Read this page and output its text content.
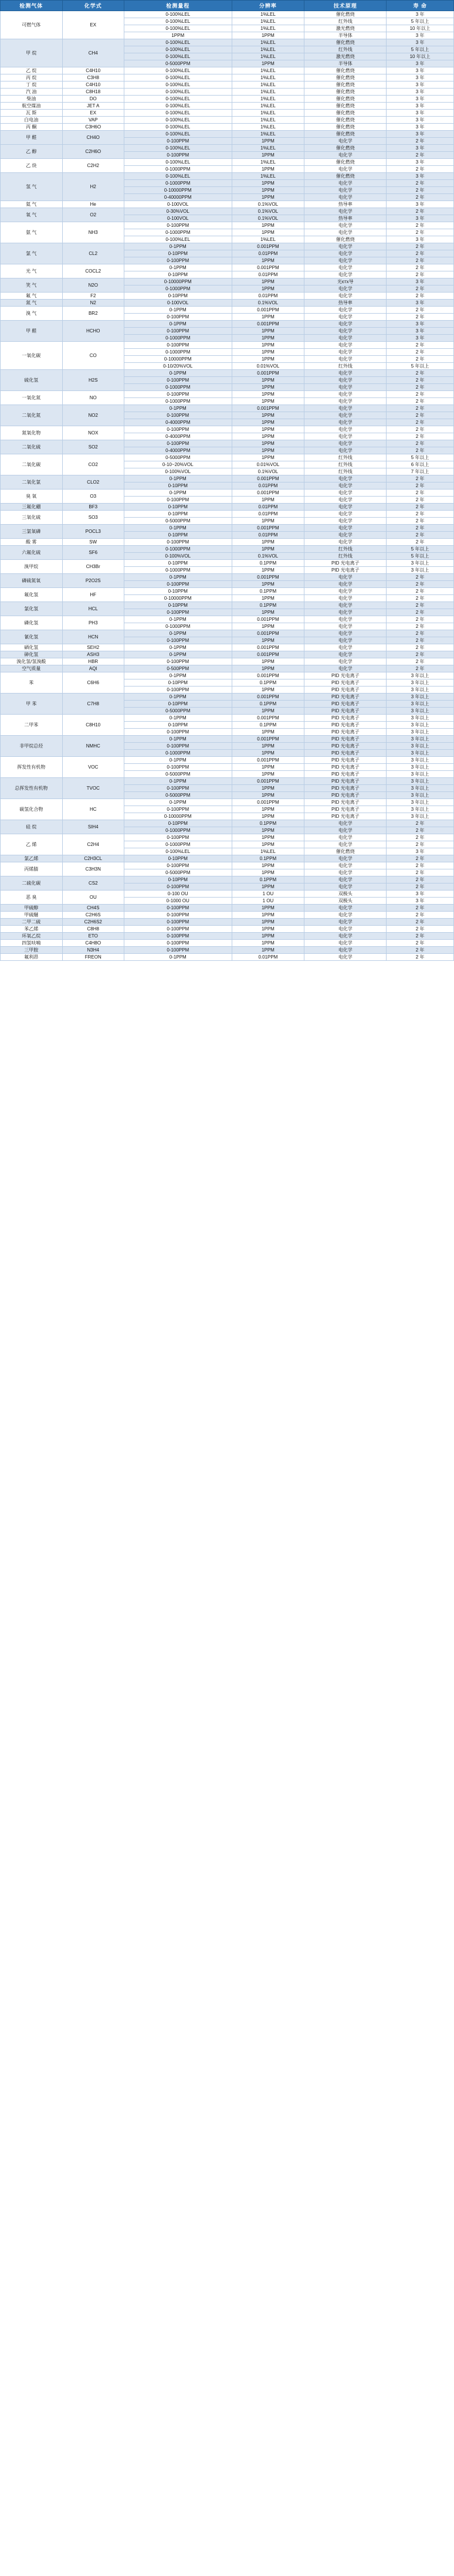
检测气体	化学式	检测量程	分辨率	技术原理	寿 命
可燃气体	EX	0-100%LEL	1%LEL	催化燃烧	3 年
		0-100%LEL	1%LEL	红外线	5 年以上
		0-100%LEL	1%LEL	激光燃烧	10 年以上
		1PPM	1PPM	半导体	3 年
甲 烷	CH4	0-100%LEL	1%LEL	催化燃烧	3 年
		0-100%LEL	1%LEL	红外线	5 年以上
		0-100%LEL	1%LEL	激光燃烧	10 年以上
		0-5000PPM	1PPM	半导体	3 年
乙 烷	C4H10	0-100%LEL	1%LEL	催化燃烧	3 年
丙 烷	C3H8	0-100%LEL	1%LEL	催化燃烧	3 年
丁 烷	C4H10	0-100%LEL	1%LEL	催化燃烧	3 年
汽 油	C8H18	0-100%LEL	1%LEL	催化燃烧	3 年
柴油	DO	0-100%LEL	1%LEL	催化燃烧	3 年
航空煤油	JET A	0-100%LEL	1%LEL	催化燃烧	3 年
瓦 斯	EX	0-100%LEL	1%LEL	催化燃烧	3 年
白电油	VAP	0-100%LEL	1%LEL	催化燃烧	3 年
丙 酮	C3H6O	0-100%LEL	1%LEL	催化燃烧	3 年
甲 醛	CH4O	0-100%LEL	1%LEL	催化燃烧	3 年
		0-100PPM	1PPM	电化学	2 年
乙 醇	C2H6O	0-100%LEL	1%LEL	催化燃烧	3 年
		0-100PPM	1PPM	电化学	2 年
乙 炔	C2H2	0-100%LEL	1%LEL	催化燃烧	3 年
		0-1000PPM	1PPM	电化学	2 年
氢 气	H2	0-100%LEL	1%LEL	催化燃烧	3 年
		0-1000PPM	1PPM	电化学	2 年
		0-10000PPM	1PPM	电化学	2 年
		0-40000PPM	1PPM	电化学	2 年
氦 气	He	0-100VOL	0.1%VOL	热导率	3 年
氧 气	O2	0-30%VOL	0.1%VOL	电化学	2 年
		0-100VOL	0.1%VOL	热导率	3 年
氨 气	NH3	0-100PPM	1PPM	电化学	2 年
		0-1000PPM	1PPM	电化学	2 年
		0-100%LEL	1%LEL	催化燃烧	3 年
氯 气	CL2	0-1PPM	0.001PPM	电化学	2 年
		0-10PPM	0.01PPM	电化学	2 年
		0-100PPM	1PPM	电化学	2 年
光 气	COCL2	0-1PPM	0.001PPM	电化学	2 年
		0-10PPM	0.01PPM	电化学	2 年
笑 气	N2O	0-10000PPM	1PPM	光єтх导	3 年
		0-1000PPM	1PPM	电化学	2 年
氟 气	F2	0-10PPM	0.01PPM	电化学	2 年
氮 气	N2	0-100VOL	0.1%VOL	热导率	3 年
溴 气	BR2	0-1PPM	0.001PPM	电化学	2 年
		0-100PPM	1PPM	电化学	2 年
甲 醛	HCHO	0-1PPM	0.001PPM	电化学	3 年
		0-100PPM	1PPM	电化学	3 年
		0-1000PPM	1PPM	电化学	3 年
一氧化碳	CO	0-100PPM	1PPM	电化学	2 年
		0-1000PPM	1PPM	电化学	2 年
		0-10000PPM	1PPM	电化学	2 年
		0-10/20%VOL	0.01%VOL	红外线	5 年以上
硫化氢	H2S	0-1PPM	0.001PPM	电化学	2 年
		0-100PPM	1PPM	电化学	2 年
		0-1000PPM	1PPM	电化学	2 年
一氧化氮	NO	0-100PPM	1PPM	电化学	2 年
		0-1000PPM	1PPM	电化学	2 年
二氧化氮	NO2	0-1PPM	0.001PPM	电化学	2 年
		0-100PPM	1PPM	电化学	2 年
		0-4000PPM	1PPM	电化学	2 年
氮氧化物	NOX	0-100PPM	1PPM	电化学	2 年
		0-4000PPM	1PPM	电化学	2 年
二氧化硫	SO2	0-100PPM	1PPM	电化学	2 年
		0-4000PPM	1PPM	电化学	2 年
二氧化碳	CO2	0-5000PPM	1PPM	红外线	5 年以上
		0-10~20%VOL	0.01%VOL	红外线	6 年以上
		0-100%VOL	0.1%VOL	红外线	7 年以上
二氧化氯	CLO2	0-1PPM	0.001PPM	电化学	2 年
		0-10PPM	0.01PPM	电化学	2 年
臭 氧	O3	0-1PPM	0.001PPM	电化学	2 年
		0-100PPM	1PPM	电化学	2 年
三氟化硼	BF3	0-10PPM	0.01PPM	电化学	2 年
三氧化硫	SO3	0-10PPM	0.01PPM	电化学	2 年
		0-5000PPM	1PPM	电化学	2 年
三氯氧磷	POCL3	0-1PPM	0.001PPM	电化学	2 年
		0-10PPM	0.01PPM	电化学	2 年
酸 雾	SW	0-100PPM	1PPM	电化学	2 年
六氟化硫	SF6	0-1000PPM	1PPM	红外线	5 年以上
		0-100%VOL	0.1%VOL	红外线	5 年以上
溴甲烷	CH3Br	0-10PPM	0.1PPM	PID 光电离子	3 年以上
		0-1000PPM	1PPM	PID 光电离子	3 年以上
磷硫氮氧	P2O2S	0-1PPM	0.001PPM	电化学	2 年
		0-100PPM	1PPM	电化学	2 年
氟化氢	HF	0-10PPM	0.1PPM	电化学	2 年
		0-10000PPM	1PPM	电化学	2 年
氯化氢	HCL	0-10PPM	0.1PPM	电化学	2 年
		0-100PPM	1PPM	电化学	2 年
磷化氢	PH3	0-1PPM	0.001PPM	电化学	2 年
		0-1000PPM	1PPM	电化学	2 年
氰化氢	HCN	0-1PPM	0.001PPM	电化学	2 年
		0-100PPM	1PPM	电化学	2 年
硒化氢	SEH2	0-1PPM	0.001PPM	电化学	2 年
砷化氢	ASH3	0-1PPM	0.001PPM	电化学	2 年
溴化氢/氢溴酸	HBR	0-100PPM	1PPM	电化学	2 年
空气质量	AQI	0-500PPM	1PPM	电化学	2 年
苯	C6H6	0-1PPM	0.001PPM	PID 光电离子	3 年以上
		0-10PPM	0.1PPM	PID 光电离子	3 年以上
		0-100PPM	1PPM	PID 光电离子	3 年以上
甲 苯	C7H8	0-1PPM	0.001PPM	PID 光电离子	3 年以上
		0-10PPM	0.1PPM	PID 光电离子	3 年以上
		0-5000PPM	1PPM	PID 光电离子	3 年以上
二甲苯	C8H10	0-1PPM	0.001PPM	PID 光电离子	3 年以上
		0-10PPM	0.1PPM	PID 光电离子	3 年以上
		0-100PPM	1PPM	PID 光电离子	3 年以上
非甲烷总烃	NMHC	0-1PPM	0.001PPM	PID 光电离子	3 年以上
		0-100PPM	1PPM	PID 光电离子	3 年以上
		0-1000PPM	1PPM	PID 光电离子	3 年以上
挥发性有机物	VOC	0-1PPM	0.001PPM	PID 光电离子	3 年以上
		0-100PPM	1PPM	PID 光电离子	3 年以上
		0-5000PPM	1PPM	PID 光电离子	3 年以上
总挥发性有机物	TVOC	0-1PPM	0.001PPM	PID 光电离子	3 年以上
		0-100PPM	1PPM	PID 光电离子	3 年以上
		0-5000PPM	1PPM	PID 光电离子	3 年以上
碳氢化合物	HC	0-1PPM	0.001PPM	PID 光电离子	3 年以上
		0-100PPM	1PPM	PID 光电离子	3 年以上
		0-10000PPM	1PPM	PID 光电离子	3 年以上
硅 烷	SIH4	0-10PPM	0.1PPM	电化学	2 年
		0-1000PPM	1PPM	电化学	2 年
乙 烯	C2H4	0-100PPM	1PPM	电化学	2 年
		0-1000PPM	1PPM	电化学	2 年
		0-100%LEL	1%LEL	催化燃烧	3 年
氯乙烯	C2H3CL	0-10PPM	0.1PPM	电化学	2 年
丙烯腈	C3H3N	0-100PPM	1PPM	电化学	2 年
		0-5000PPM	1PPM	电化学	2 年
二硫化碳	CS2	0-10PPM	0.1PPM	电化学	2 年
		0-100PPM	1PPM	电化学	2 年
恶 臭	OU	0-100 OU	1 OU	双极头	3 年
		0-1000 OU	1 OU	双极头	3 年
甲硫醇	CH4S	0-100PPM	1PPM	电化学	2 年
甲硫醚	C2H6S	0-100PPM	1PPM	电化学	2 年
二甲二硫	C2H6S2	0-100PPM	1PPM	电化学	2 年
苯乙烯	C8H8	0-100PPM	1PPM	电化学	2 年
环氧乙烷	ETO	0-100PPM	1PPM	电化学	2 年
四氢呋喃	C4H8O	0-100PPM	1PPM	电化学	2 年
三甲胺	N3H4	0-100PPM	1PPM	电化学	2 年
氟利昂	FREON	0-1PPM	0.01PPM	电化学	2 年
